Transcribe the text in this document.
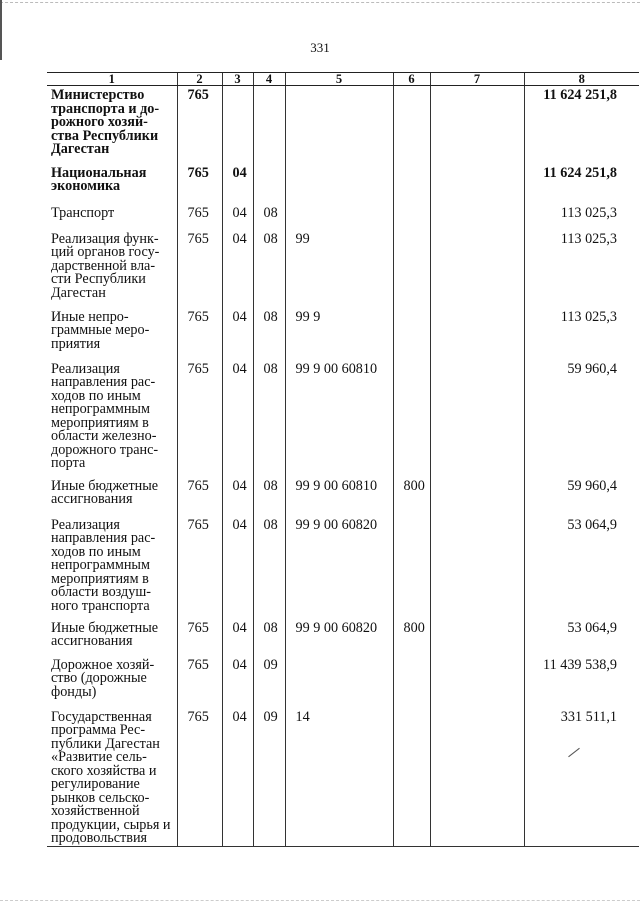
331
1	2	3	4	5	6	7	8
Министерство транспорта и до-рожного хозяй-ства Республики Дагестан	765						11 624 251,8
Национальная экономика	765	04					11 624 251,8
Транспорт	765	04	08				113 025,3
Реализация функ-ций органов госу-дарственной вла-сти Республики Дагестан	765	04	08	99			113 025,3
Иные непро-граммные меро-приятия	765	04	08	99 9			113 025,3
Реализация направления рас-ходов по иным непрограммным мероприятиям в области железно-дорожного транс-порта	765	04	08	99 9 00 60810			59 960,4
Иные бюджетные ассигнования	765	04	08	99 9 00 60810	800		59 960,4
Реализация направления рас-ходов по иным непрограммным мероприятиям в области воздуш-ного транспорта	765	04	08	99 9 00 60820			53 064,9
Иные бюджетные ассигнования	765	04	08	99 9 00 60820	800		53 064,9
Дорожное хозяй-ство (дорожные фонды)	765	04	09				11 439 538,9
Государственная программа Рес-публики Дагестан «Развитие сель-ского хозяйства и регулирование рынков сельско-хозяйственной продукции, сырья и продовольствия	765	04	09	14			331 511,1
